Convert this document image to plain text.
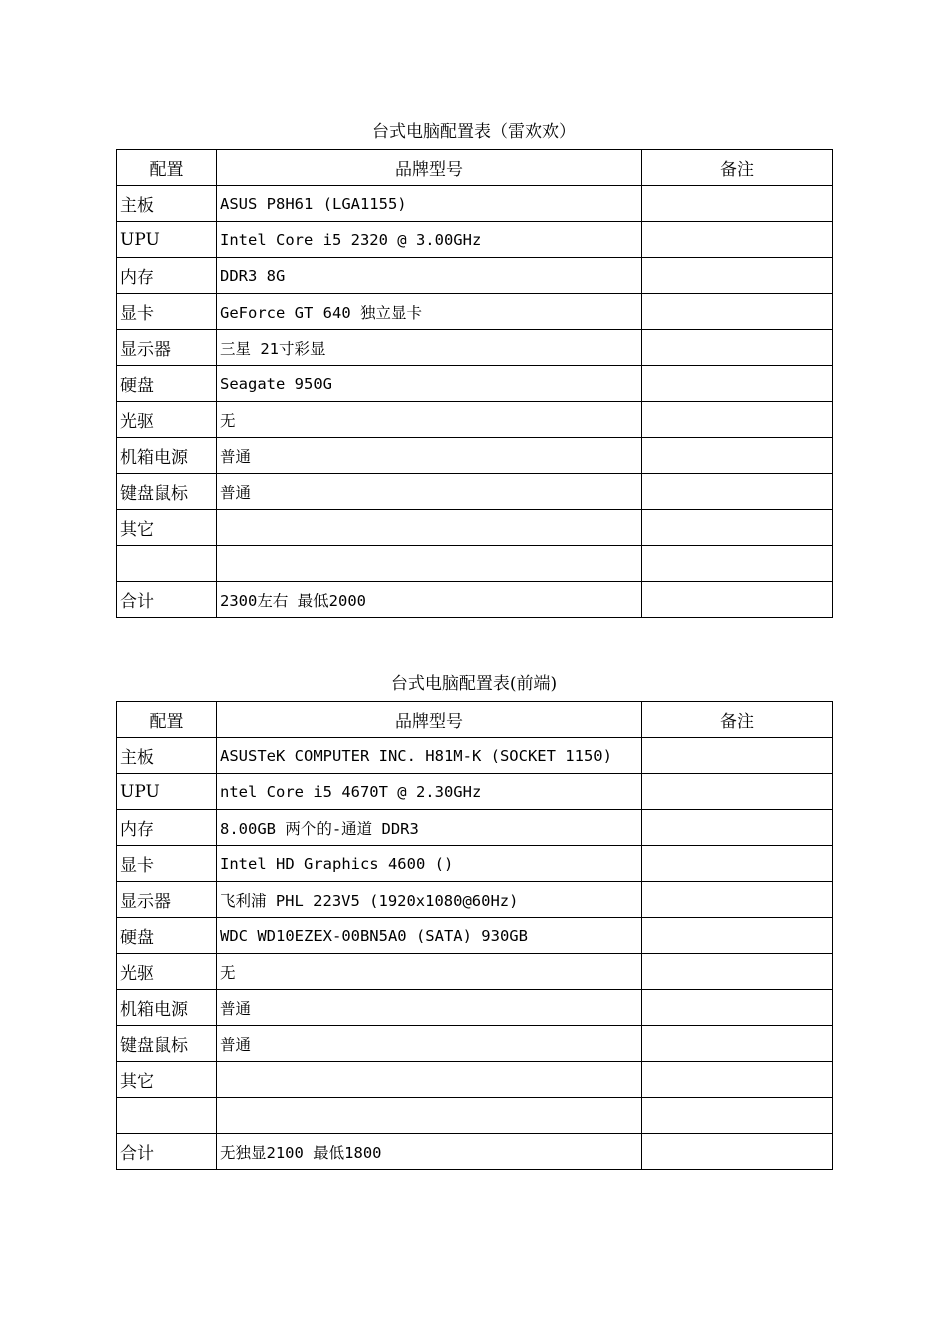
台式电脑配置表（雷欢欢）
配置	品牌型号	备注
主板	ASUS P8H61 (LGA1155)	
UPU	Intel Core i5 2320 @ 3.00GHz	
内存	DDR3 8G	
显卡	GeForce GT 640 独立显卡	
显示器	三星 21寸彩显	
硬盘	Seagate 950G	
光驱	无	
机箱电源	普通	
键盘鼠标	普通	
其它		

合计	2300左右 最低2000	
台式电脑配置表(前端)
配置	品牌型号	备注
主板	ASUSTeK COMPUTER INC. H81M-K (SOCKET 1150)	
UPU	ntel Core i5 4670T @ 2.30GHz	
内存	8.00GB 两个的-通道 DDR3	
显卡	Intel HD Graphics 4600 ()	
显示器	飞利浦 PHL 223V5 (1920x1080@60Hz)	
硬盘	WDC WD10EZEX-00BN5A0 (SATA) 930GB	
光驱	无	
机箱电源	普通	
键盘鼠标	普通	
其它		

合计	无独显2100 最低1800	
